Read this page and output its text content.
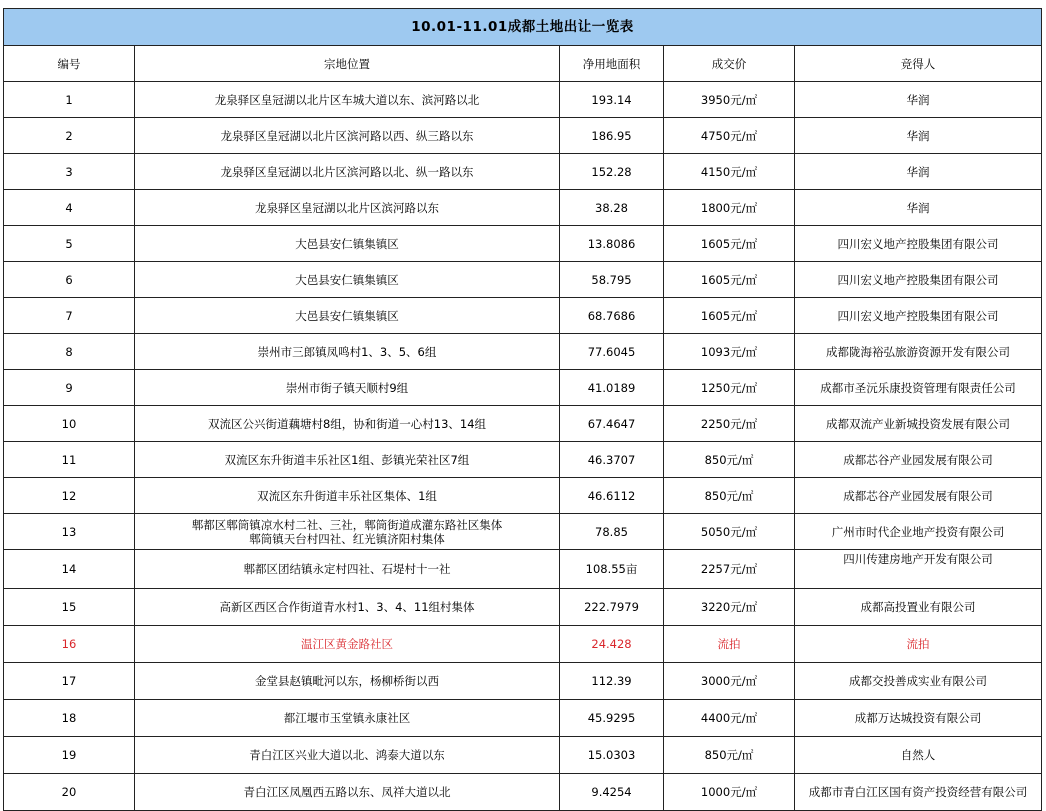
10.01-11.01成都土地出让一览表				
编号	宗地位置	净用地面积	成交价	竞得人
1	龙泉驿区皇冠湖以北片区车城大道以东、滨河路以北	193.14	3950元/㎡	华润
2	龙泉驿区皇冠湖以北片区滨河路以西、纵三路以东	186.95	4750元/㎡	华润
3	龙泉驿区皇冠湖以北片区滨河路以北、纵一路以东	152.28	4150元/㎡	华润
4	龙泉驿区皇冠湖以北片区滨河路以东	38.28	1800元/㎡	华润
5	大邑县安仁镇集镇区	13.8086	1605元/㎡	四川宏义地产控股集团有限公司
6	大邑县安仁镇集镇区	58.795	1605元/㎡	四川宏义地产控股集团有限公司
7	大邑县安仁镇集镇区	68.7686	1605元/㎡	四川宏义地产控股集团有限公司
8	崇州市三郎镇凤鸣村1、3、5、6组	77.6045	1093元/㎡	成都陇海裕弘旅游资源开发有限公司
9	崇州市街子镇天顺村9组	41.0189	1250元/㎡	成都市圣沅乐康投资管理有限责任公司
10	双流区公兴街道藕塘村8组，协和街道一心村13、14组	67.4647	2250元/㎡	成都双流产业新城投资发展有限公司
11	双流区东升街道丰乐社区1组、彭镇光荣社区7组	46.3707	850元/㎡	成都芯谷产业园发展有限公司
12	双流区东升街道丰乐社区集体、1组	46.6112	850元/㎡	成都芯谷产业园发展有限公司
13	郫都区郫筒镇凉水村二社、三社，郫筒街道成灌东路社区集体
郫筒镇天台村四社、红光镇济阳村集体	78.85	5050元/㎡	广州市时代企业地产投资有限公司
14	郫都区团结镇永定村四社、石堤村十一社	108.55亩	2257元/㎡	四川传建房地产开发有限公司
15	高新区西区合作街道青水村1、3、4、11组村集体	222.7979	3220元/㎡	成都高投置业有限公司
16	温江区黄金路社区	24.428	流拍	流拍
17	金堂县赵镇毗河以东，杨柳桥街以西	112.39	3000元/㎡	成都交投善成实业有限公司
18	都江堰市玉堂镇永康社区	45.9295	4400元/㎡	成都万达城投资有限公司
19	青白江区兴业大道以北、鸿泰大道以东	15.0303	850元/㎡	自然人
20	青白江区凤凰西五路以东、凤祥大道以北	9.4254	1000元/㎡	成都市青白江区国有资产投资经营有限公司
